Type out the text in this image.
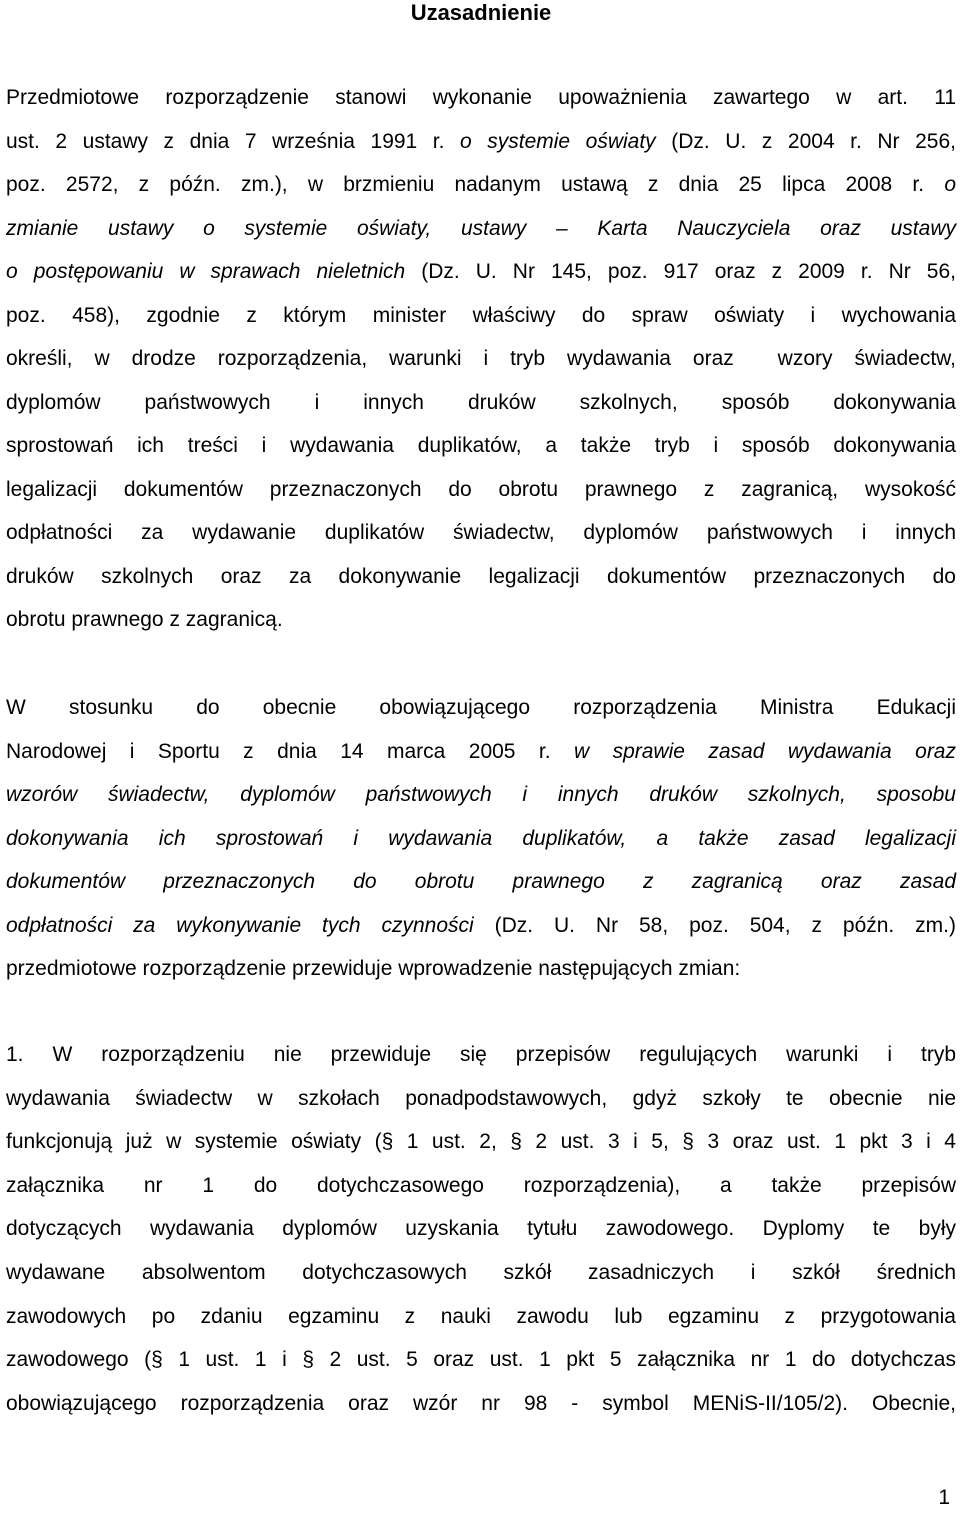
Uzasadnienie
Przedmiotowe rozporządzenie stanowi wykonanie upoważnienia zawartego w art. 11
ust. 2 ustawy z dnia 7 września 1991 r. o systemie oświaty (Dz. U. z 2004 r. Nr 256,
poz. 2572, z późn. zm.), w brzmieniu nadanym ustawą z dnia 25 lipca 2008 r. o
zmianie ustawy o systemie oświaty, ustawy – Karta Nauczyciela oraz ustawy
o postępowaniu w sprawach nieletnich (Dz. U. Nr 145, poz. 917 oraz z 2009 r. Nr 56,
poz. 458), zgodnie z którym minister właściwy do spraw oświaty i wychowania
określi, w drodze rozporządzenia, warunki i tryb wydawania oraz  wzory świadectw,
dyplomów państwowych i innych druków szkolnych, sposób dokonywania
sprostowań ich treści i wydawania duplikatów, a także tryb i sposób dokonywania
legalizacji dokumentów przeznaczonych do obrotu prawnego z zagranicą, wysokość
odpłatności za wydawanie duplikatów świadectw, dyplomów państwowych i innych
druków szkolnych oraz za dokonywanie legalizacji dokumentów przeznaczonych do
obrotu prawnego z zagranicą.
W stosunku do obecnie obowiązującego rozporządzenia Ministra Edukacji
Narodowej i Sportu z dnia 14 marca 2005 r. w sprawie zasad wydawania oraz
wzorów świadectw, dyplomów państwowych i innych druków szkolnych, sposobu
dokonywania ich sprostowań i wydawania duplikatów, a także zasad legalizacji
dokumentów przeznaczonych do obrotu prawnego z zagranicą oraz zasad
odpłatności za wykonywanie tych czynności (Dz. U. Nr 58, poz. 504, z późn. zm.)
przedmiotowe rozporządzenie przewiduje wprowadzenie następujących zmian:
1. W rozporządzeniu nie przewiduje się przepisów regulujących warunki i tryb
wydawania świadectw w szkołach ponadpodstawowych, gdyż szkoły te obecnie nie
funkcjonują już w systemie oświaty (§ 1 ust. 2, § 2 ust. 3 i 5, § 3 oraz ust. 1 pkt 3 i 4
załącznika nr 1 do dotychczasowego rozporządzenia), a także przepisów
dotyczących wydawania dyplomów uzyskania tytułu zawodowego. Dyplomy te były
wydawane absolwentom dotychczasowych szkół zasadniczych i szkół średnich
zawodowych po zdaniu egzaminu z nauki zawodu lub egzaminu z przygotowania
zawodowego (§ 1 ust. 1 i § 2 ust. 5 oraz ust. 1 pkt 5 załącznika nr 1 do dotychczas
obowiązującego rozporządzenia oraz wzór nr 98 - symbol MENiS-II/105/2). Obecnie,
1
